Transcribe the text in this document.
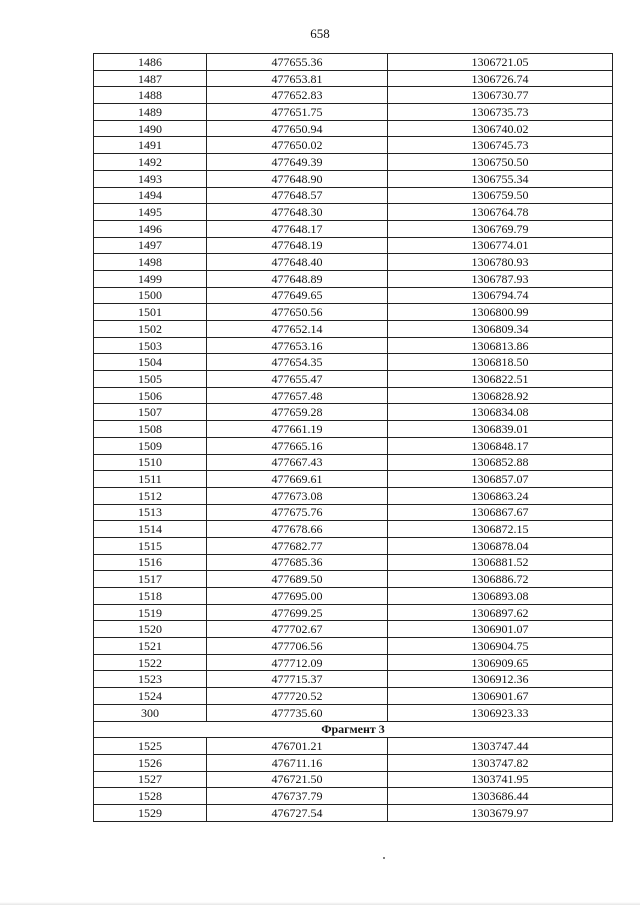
658
1486	477655.36	1306721.05
1487	477653.81	1306726.74
1488	477652.83	1306730.77
1489	477651.75	1306735.73
1490	477650.94	1306740.02
1491	477650.02	1306745.73
1492	477649.39	1306750.50
1493	477648.90	1306755.34
1494	477648.57	1306759.50
1495	477648.30	1306764.78
1496	477648.17	1306769.79
1497	477648.19	1306774.01
1498	477648.40	1306780.93
1499	477648.89	1306787.93
1500	477649.65	1306794.74
1501	477650.56	1306800.99
1502	477652.14	1306809.34
1503	477653.16	1306813.86
1504	477654.35	1306818.50
1505	477655.47	1306822.51
1506	477657.48	1306828.92
1507	477659.28	1306834.08
1508	477661.19	1306839.01
1509	477665.16	1306848.17
1510	477667.43	1306852.88
1511	477669.61	1306857.07
1512	477673.08	1306863.24
1513	477675.76	1306867.67
1514	477678.66	1306872.15
1515	477682.77	1306878.04
1516	477685.36	1306881.52
1517	477689.50	1306886.72
1518	477695.00	1306893.08
1519	477699.25	1306897.62
1520	477702.67	1306901.07
1521	477706.56	1306904.75
1522	477712.09	1306909.65
1523	477715.37	1306912.36
1524	477720.52	1306901.67
300	477735.60	1306923.33
Фрагмент 3		
1525	476701.21	1303747.44
1526	476711.16	1303747.82
1527	476721.50	1303741.95
1528	476737.79	1303686.44
1529	476727.54	1303679.97
